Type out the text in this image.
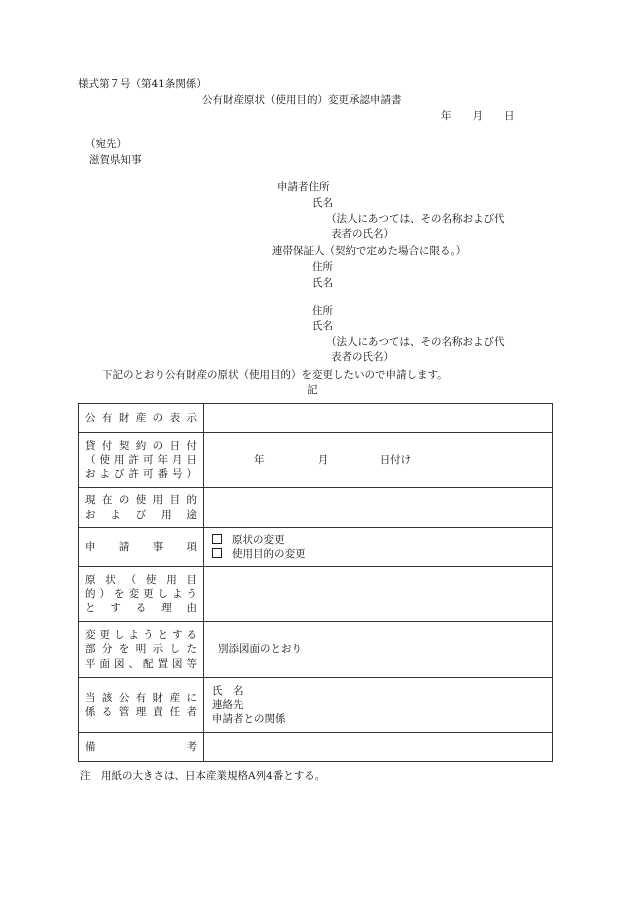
様式第７号（第41条関係）
公有財産原状（使用目的）変更承認申請書
年　　月　　日
（宛先）
滋賀県知事
申請者住所
氏名
（法人にあつては、その名称および代
表者の氏名）
連帯保証人（契約で定めた場合に限る。）
住所
氏名
住所
氏名
（法人にあつては、その名称および代
表者の氏名）
下記のとおり公有財産の原状（使用目的）を変更したいので申請します。
記
公有財産の表示	

貸付契約の日付
（使用許可年月日
および許可番号）	年 月 日付け

現在の使用目的
および用途	

申請事項	原状の変更
使用目的の変更

原状（使用目
的）を変更しよう
とする理由	

変更しようとする
部分を明示した
平面図、配置図等	別添図面のとおり

当該公有財産に
係る管理責任者	氏　名
連絡先
申請者との関係

備考	

注　用紙の大きさは、日本産業規格A列4番とする。
